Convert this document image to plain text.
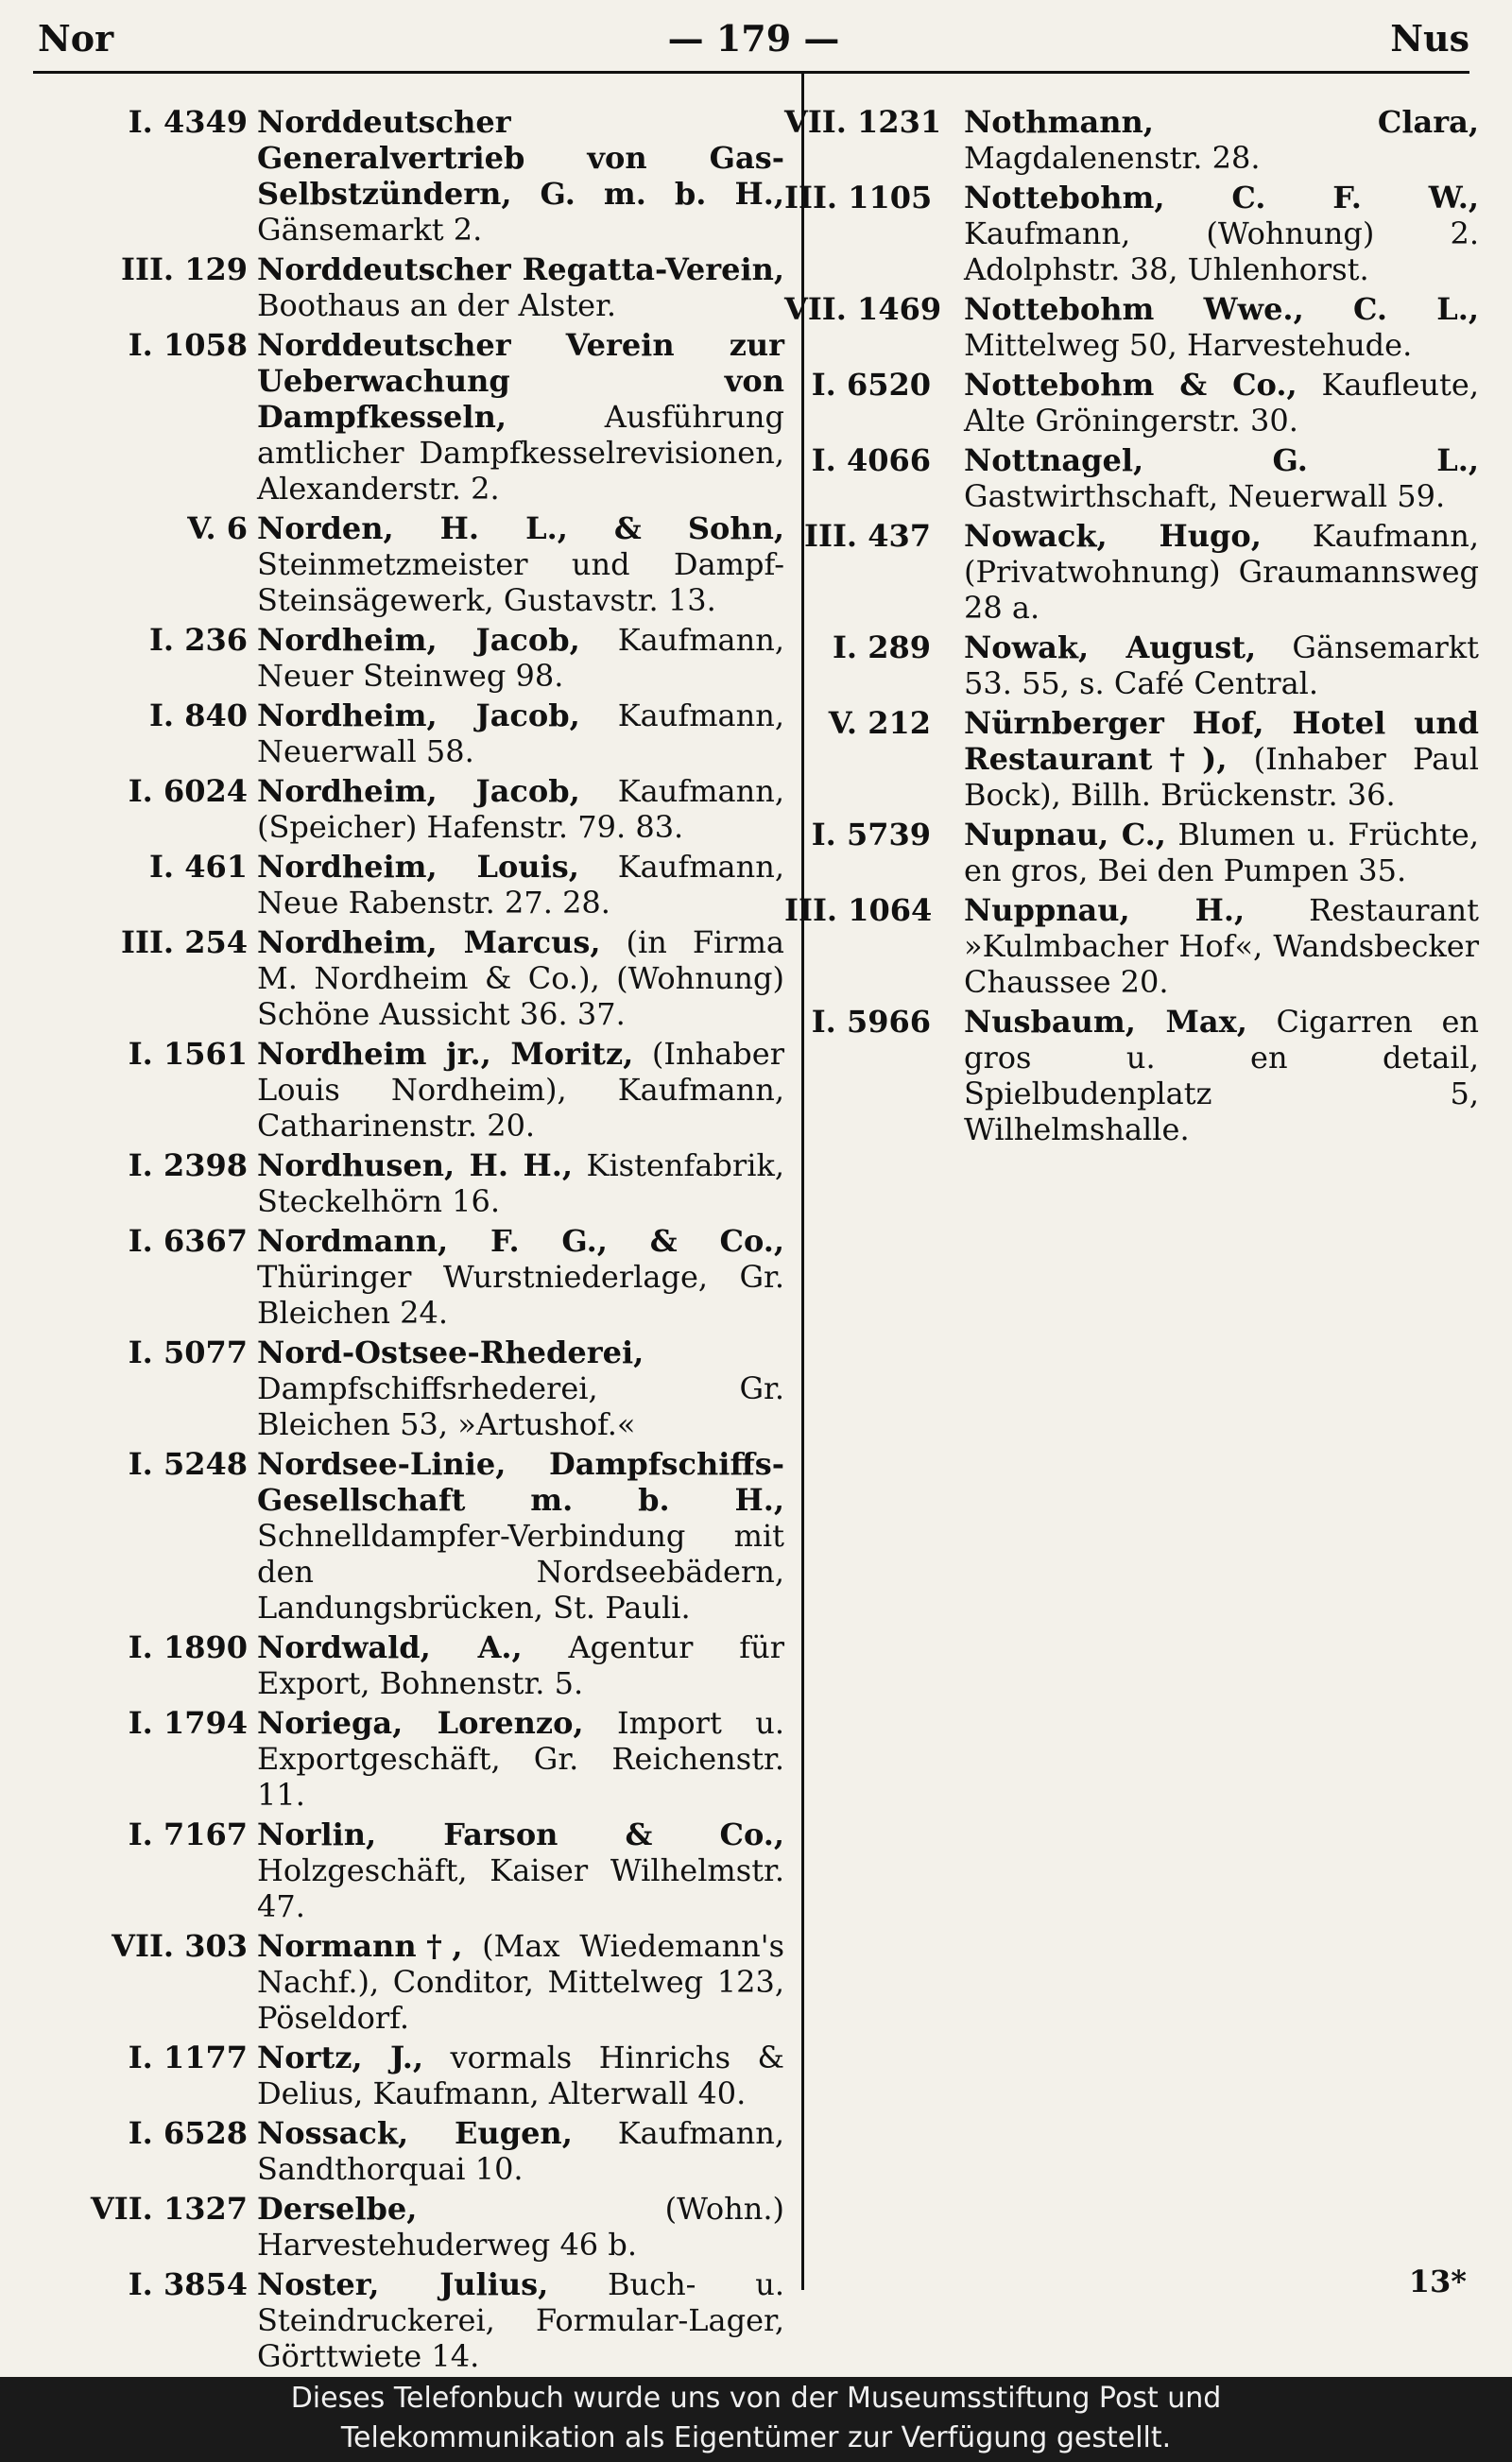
Nor	— 179 —	Nus
I. 4349 Norddeutscher Generalvertrieb von Gas-Selbstzündern, G. m. b. H., Gänsemarkt 2.
III. 129 Norddeutscher Regatta-Verein, Boothaus an der Alster.
I. 1058 Norddeutscher Verein zur Ueberwachung von Dampfkesseln, Ausführung amtlicher Dampfkesselrevisionen, Alexanderstr. 2.
V. 6 Norden, H. L., & Sohn, Steinmetzmeister und Dampf-Steinsägewerk, Gustavstr. 13.
I. 236 Nordheim, Jacob, Kaufmann, Neuer Steinweg 98.
I. 840 Nordheim, Jacob, Kaufmann, Neuerwall 58.
I. 6024 Nordheim, Jacob, Kaufmann, (Speicher) Hafenstr. 79. 83.
I. 461 Nordheim, Louis, Kaufmann, Neue Rabenstr. 27. 28.
III. 254 Nordheim, Marcus, (in Firma M. Nordheim & Co.), (Wohnung) Schöne Aussicht 36. 37.
I. 1561 Nordheim jr., Moritz, (Inhaber Louis Nordheim), Kaufmann, Catharinenstr. 20.
I. 2398 Nordhusen, H. H., Kistenfabrik, Steckelhörn 16.
I. 6367 Nordmann, F. G., & Co., Thüringer Wurstniederlage, Gr. Bleichen 24.
I. 5077 Nord-Ostsee-Rhederei, Dampfschiffsrhederei, Gr. Bleichen 53, »Artushof.«
I. 5248 Nordsee-Linie, Dampfschiffs-Gesellschaft m. b. H., Schnelldampfer-Verbindung mit den Nordseebädern, Landungsbrücken, St. Pauli.
I. 1890 Nordwald, A., Agentur für Export, Bohnenstr. 5.
I. 1794 Noriega, Lorenzo, Import u. Exportgeschäft, Gr. Reichenstr. 11.
I. 7167 Norlin, Farson & Co., Holzgeschäft, Kaiser Wilhelmstr. 47.
VII. 303 Normann†, (Max Wiedemann's Nachf.), Conditor, Mittelweg 123, Pöseldorf.
I. 1177 Nortz, J., vormals Hinrichs & Delius, Kaufmann, Alterwall 40.
I. 6528 Nossack, Eugen, Kaufmann, Sandthorquai 10.
VII. 1327 Derselbe, (Wohn.) Harvestehuderweg 46 b.
I. 3854 Noster, Julius, Buch- u. Steindruckerei, Formular-Lager, Görttwiete 14.
VII. 1231 Nothmann, Clara, Magdalenenstr. 28.
III. 1105 Nottebohm, C. F. W., Kaufmann, (Wohnung) 2. Adolphstr. 38, Uhlenhorst.
VII. 1469 Nottebohm Wwe., C. L., Mittelweg 50, Harvestehude.
I. 6520 Nottebohm & Co., Kaufleute, Alte Gröningerstr. 30.
I. 4066 Nottnagel, G. L., Gastwirthschaft, Neuerwall 59.
III. 437 Nowack, Hugo, Kaufmann, (Privatwohnung) Graumannsweg 28 a.
I. 289 Nowak, August, Gänsemarkt 53. 55, s. Café Central.
V. 212 Nürnberger Hof, Hotel und Restaurant†), (Inhaber Paul Bock), Billh. Brückenstr. 36.
I. 5739 Nupnau, C., Blumen u. Früchte, en gros, Bei den Pumpen 35.
III. 1064 Nuppnau, H., Restaurant »Kulmbacher Hof«, Wandsbecker Chaussee 20.
I. 5966 Nusbaum, Max, Cigarren en gros u. en detail, Spielbudenplatz 5, Wilhelmshalle.
13*
Dieses Telefonbuch wurde uns von der Museumsstiftung Post und
Telekommunikation als Eigentümer zur Verfügung gestellt.
